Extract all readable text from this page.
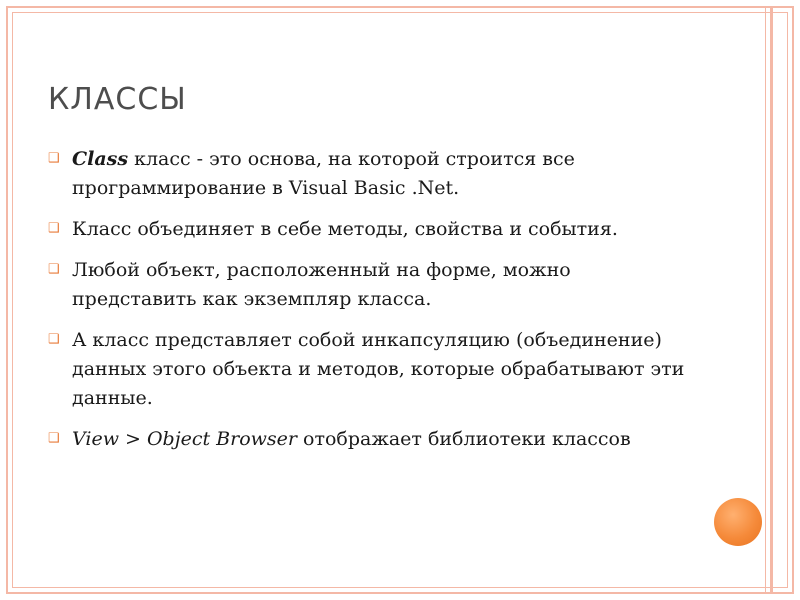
КЛАССЫ
❑ Class класс - это основа, на которой строится все программирование в Visual Basic .Net.
❑ Класс объединяет в себе методы, свойства и события.
❑ Любой объект, расположенный на форме, можно представить как экземпляр класса.
❑ А класс представляет собой инкапсуляцию (объединение) данных этого объекта и методов, которые обрабатывают эти данные.
❑ View > Object Browser отображает библиотеки классов
